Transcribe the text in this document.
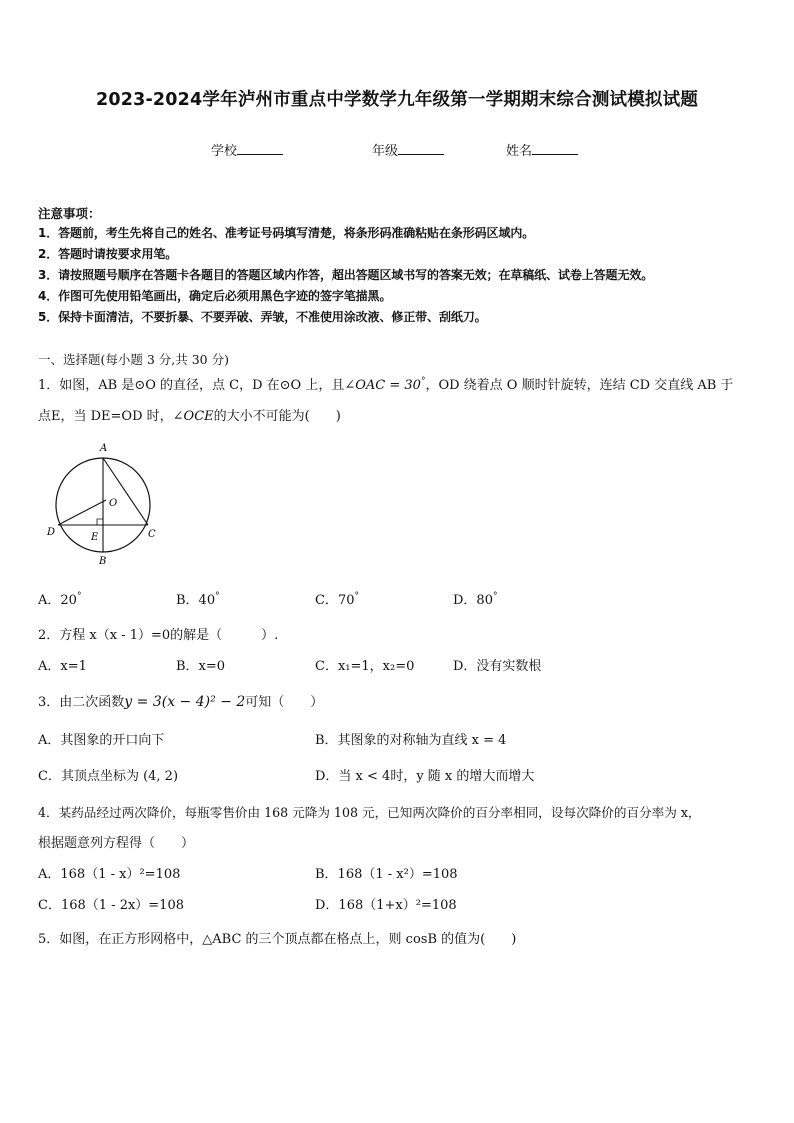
2023-2024学年泸州市重点中学数学九年级第一学期期末综合测试模拟试题
学校	年级	姓名
注意事项：
1．答题前，考生先将自己的姓名、准考证号码填写清楚，将条形码准确粘贴在条形码区域内。
2．答题时请按要求用笔。
3．请按照题号顺序在答题卡各题目的答题区域内作答，超出答题区域书写的答案无效；在草稿纸、试卷上答题无效。
4．作图可先使用铅笔画出，确定后必须用黑色字迹的签字笔描黑。
5．保持卡面清洁，不要折暴、不要弄破、弄皱，不准使用涂改液、修正带、刮纸刀。
一、选择题(每小题 3 分,共 30 分)
1．如图，AB 是⊙O 的直径，点 C，D 在⊙O 上，且∠OAC = 30°，OD 绕着点 O 顺时针旋转，连结 CD 交直线 AB 于
点E，当 DE=OD 时，∠OCE的大小不可能为(　　)
A
O
D	E	C
B
A．20°	B．40°	C．70°	D．80°
2．方程 x（x - 1）=0的解是（　　　）.
A．x=1	B．x=0	C．x₁=1，x₂=0	D．没有实数根
3．由二次函数y = 3(x − 4)² − 2可知（　　）
A．其图象的开口向下	B．其图象的对称轴为直线 x = 4
C．其顶点坐标为 (4, 2)	D．当 x < 4时，y 随 x 的增大而增大
4．某药品经过两次降价，每瓶零售价由 168 元降为 108 元，已知两次降价的百分率相同，设每次降价的百分率为 x，
根据题意列方程得（　　）
A．168（1 - x）²=108	B．168（1 - x²）=108
C．168（1 - 2x）=108	D．168（1+x）²=108
5．如图，在正方形网格中，△ABC 的三个顶点都在格点上，则 cosB 的值为(　　)
